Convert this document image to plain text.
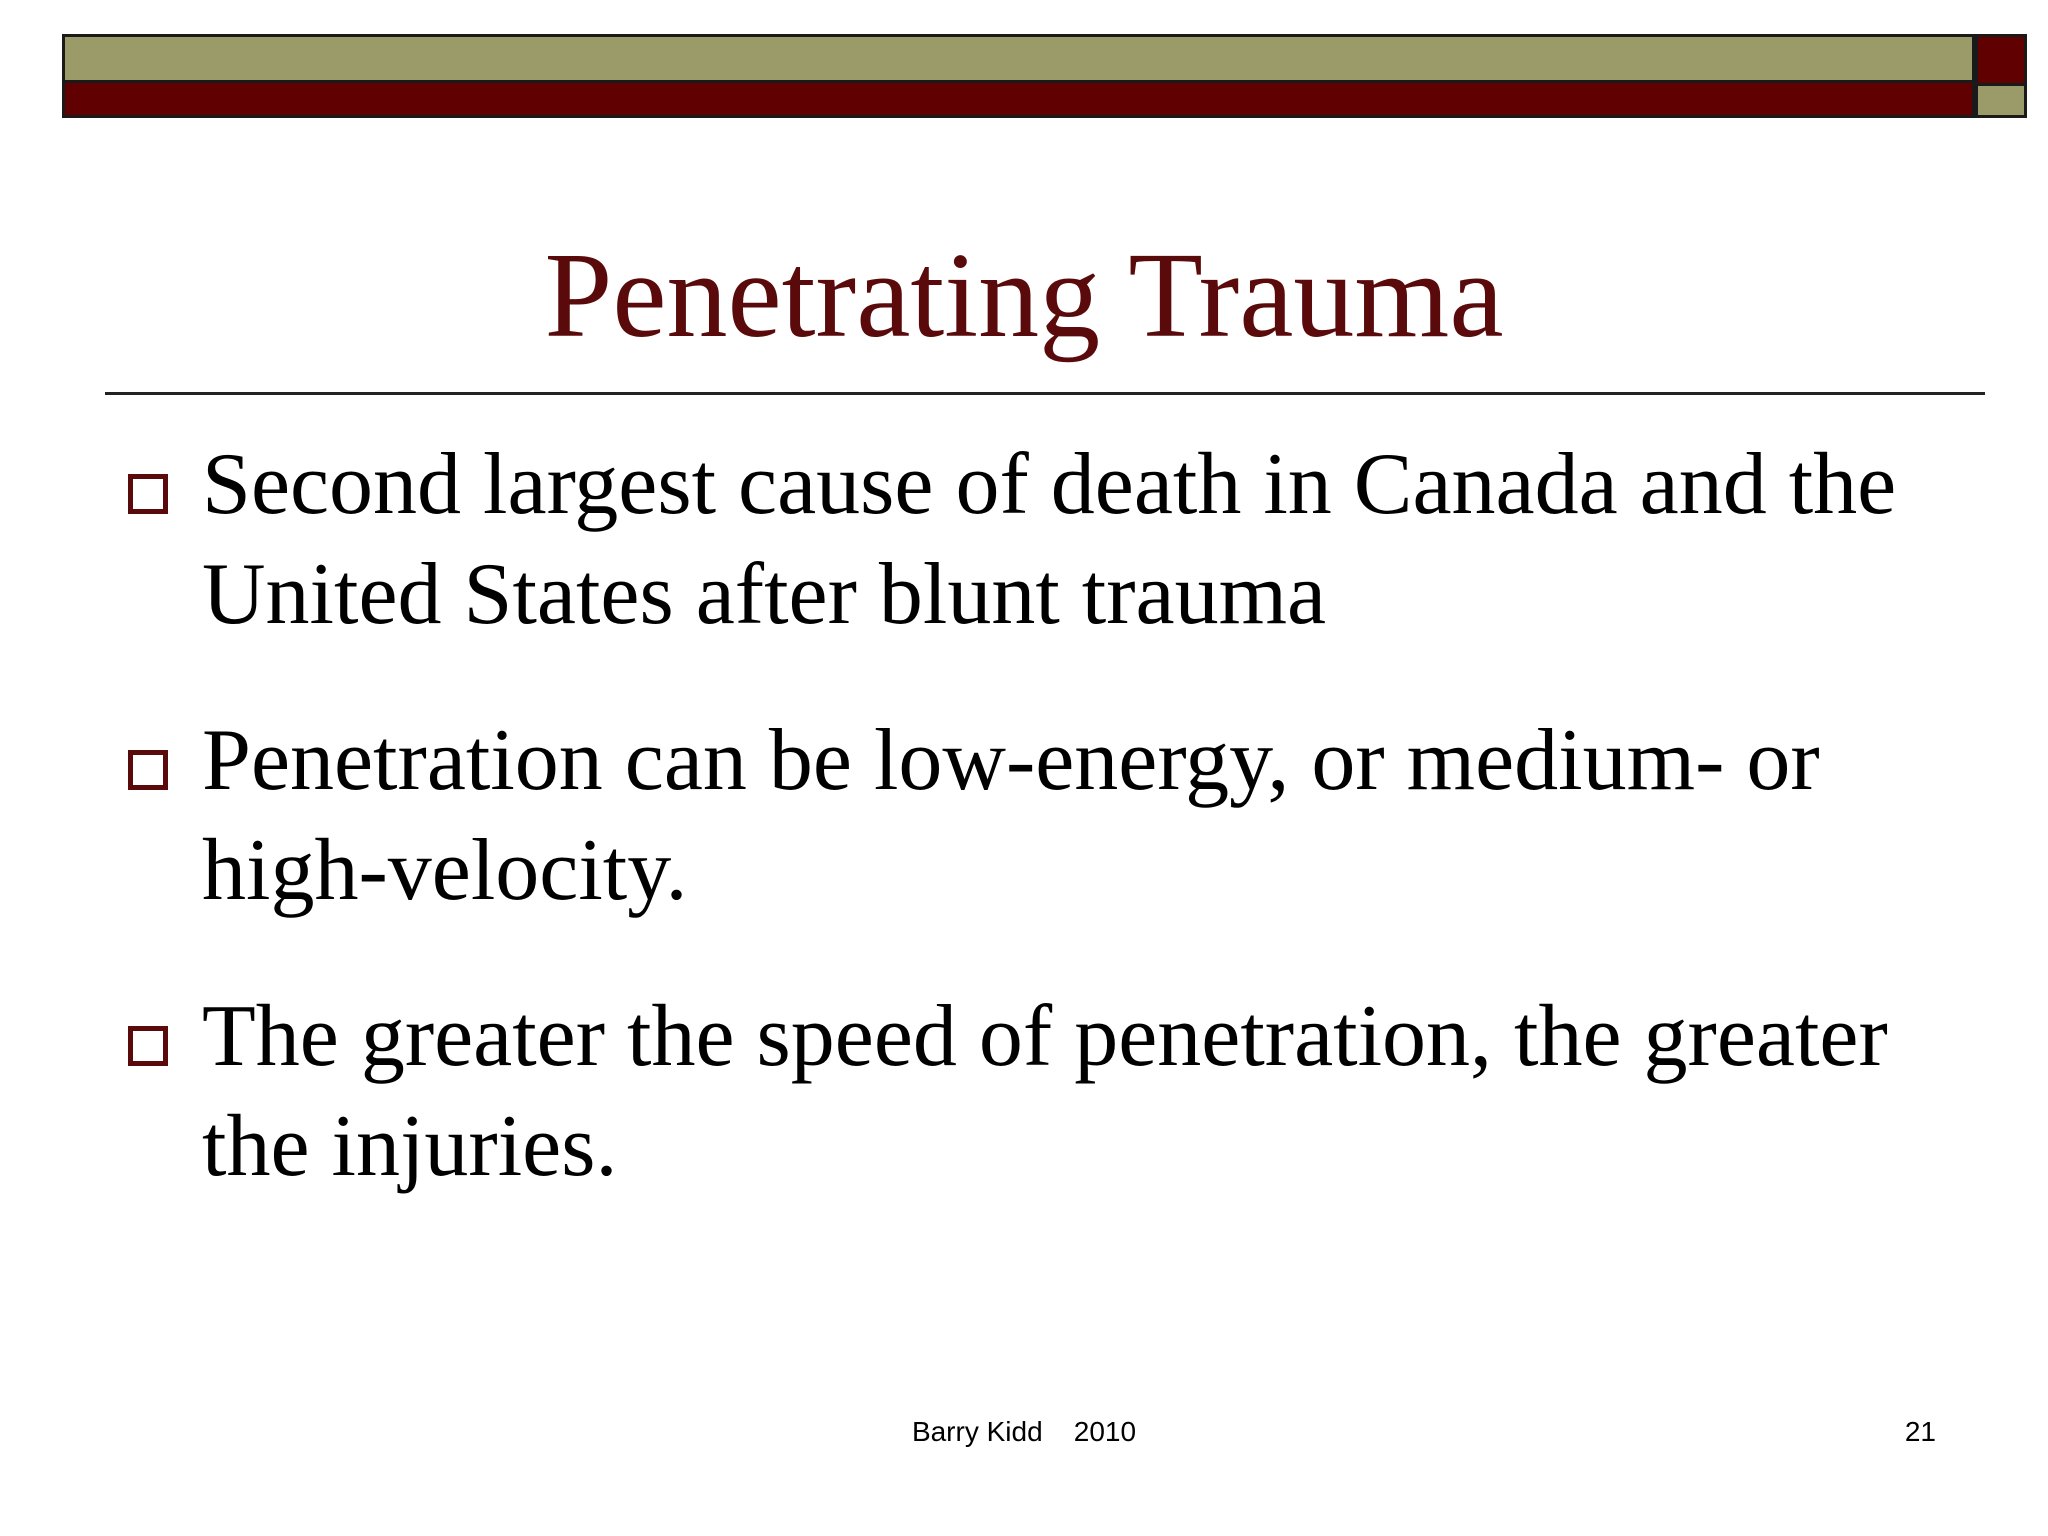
Penetrating Trauma
Second largest cause of death in Canada and the United States after blunt trauma
Penetration can be low-energy, or medium- or high-velocity.
The greater the speed of penetration, the greater the injuries.
Barry Kidd    2010	21
